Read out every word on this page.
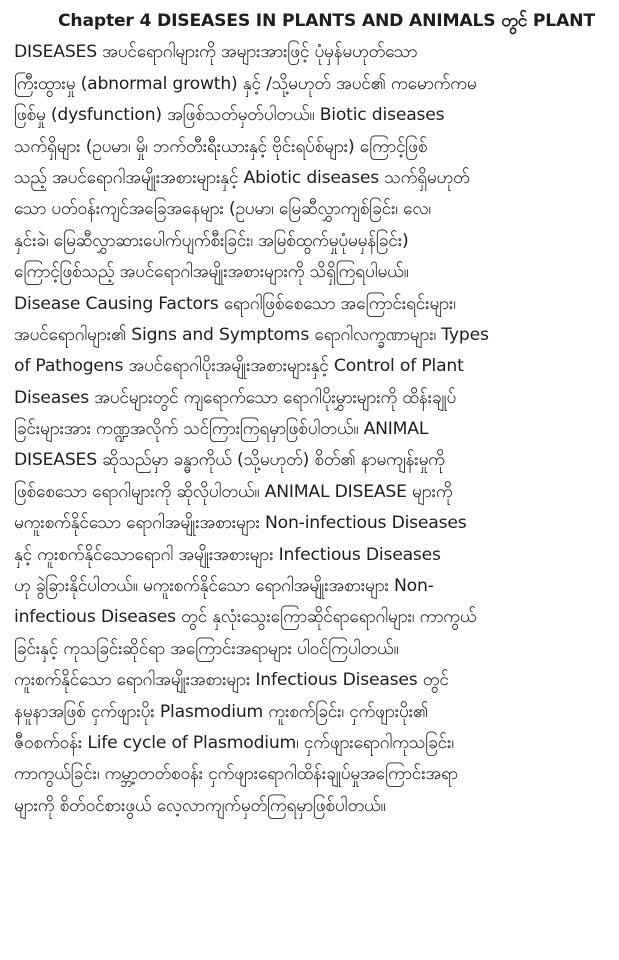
Chapter 4 DISEASES IN PLANTS AND ANIMALS တွင် PLANT
DISEASES အပင်ရောဂါများကို အများအားဖြင့် ပုံမှန်မဟုတ်သော
ကြီးထွားမှု (abnormal growth) နှင့် /သို့မဟုတ် အပင်၏ ကမောက်ကမ
ဖြစ်မှု (dysfunction) အဖြစ်သတ်မှတ်ပါတယ်။ Biotic diseases
သက်ရှိများ (ဥပမာ၊ မှို၊ ဘက်တီးရီးယားနှင့် ဗိုင်းရပ်စ်များ) ကြောင့်ဖြစ်
သည့် အပင်ရောဂါအမျိုးအစားများနှင့် Abiotic diseases သက်ရှိမဟုတ်
သော ပတ်ဝန်းကျင်အခြေအနေများ (ဥပမာ၊ မြေဆီလွှာကျစ်ခြင်း၊ လေ၊
နှင်းခဲ၊ မြေဆီလွှာဆားပေါက်ပျက်စီးခြင်း၊ အမြစ်ထွက်မှုပုံမမှန်ခြင်း)
ကြောင့်ဖြစ်သည့် အပင်ရောဂါအမျိုးအစားများကို သိရှိကြရပါမယ်။
Disease Causing Factors ရောဂါဖြစ်စေသော အကြောင်းရင်းများ၊
အပင်ရောဂါများ၏ Signs and Symptoms ရောဂါလက္ခဏာများ၊ Types
of Pathogens အပင်ရောဂါပိုးအမျိုးအစားများနှင့် Control of Plant
Diseases အပင်များတွင် ကျရောက်သော ရောဂါပိုးမွှားများကို ထိန်းချုပ်
ခြင်းများအား ကဏ္ဍအလိုက် သင်ကြားကြရမှာဖြစ်ပါတယ်။ ANIMAL
DISEASES ဆိုသည်မှာ ခန္ဓာကိုယ် (သို့မဟုတ်) စိတ်၏ နာမကျန်းမှုကို
ဖြစ်စေသော ရောဂါများကို ဆိုလိုပါတယ်။ ANIMAL DISEASE များကို
မကူးစက်နိုင်သော ရောဂါအမျိုးအစားများ Non-infectious Diseases
နှင့် ကူးစက်နိုင်သောရောဂါ အမျိုးအစားများ Infectious Diseases
ဟု ခွဲခြားနိုင်ပါတယ်။ မကူးစက်နိုင်သော ရောဂါအမျိုးအစားများ Non-
infectious Diseases တွင် နှလုံးသွေးကြောဆိုင်ရာရောဂါများ၊ ကာကွယ်
ခြင်းနှင့် ကုသခြင်းဆိုင်ရာ အကြောင်းအရာများ ပါဝင်ကြပါတယ်။
ကူးစက်နိုင်သော ရောဂါအမျိုးအစားများ Infectious Diseases တွင်
နမူနာအဖြစ် ငှက်ဖျားပိုး Plasmodium ကူးစက်ခြင်း၊ ငှက်ဖျားပိုး၏
ဇီဝစက်ဝန်း Life cycle of Plasmodium၊ ငှက်ဖျားရောဂါကုသခြင်း၊
ကာကွယ်ခြင်း၊ ကမ္ဘာ့တတ်စဝန်း ငှက်ဖျားရောဂါထိန်းချုပ်မှုအကြောင်းအရာ
များကို စိတ်ဝင်စားဖွယ် လေ့လာကျက်မှတ်ကြရမှာဖြစ်ပါတယ်။
